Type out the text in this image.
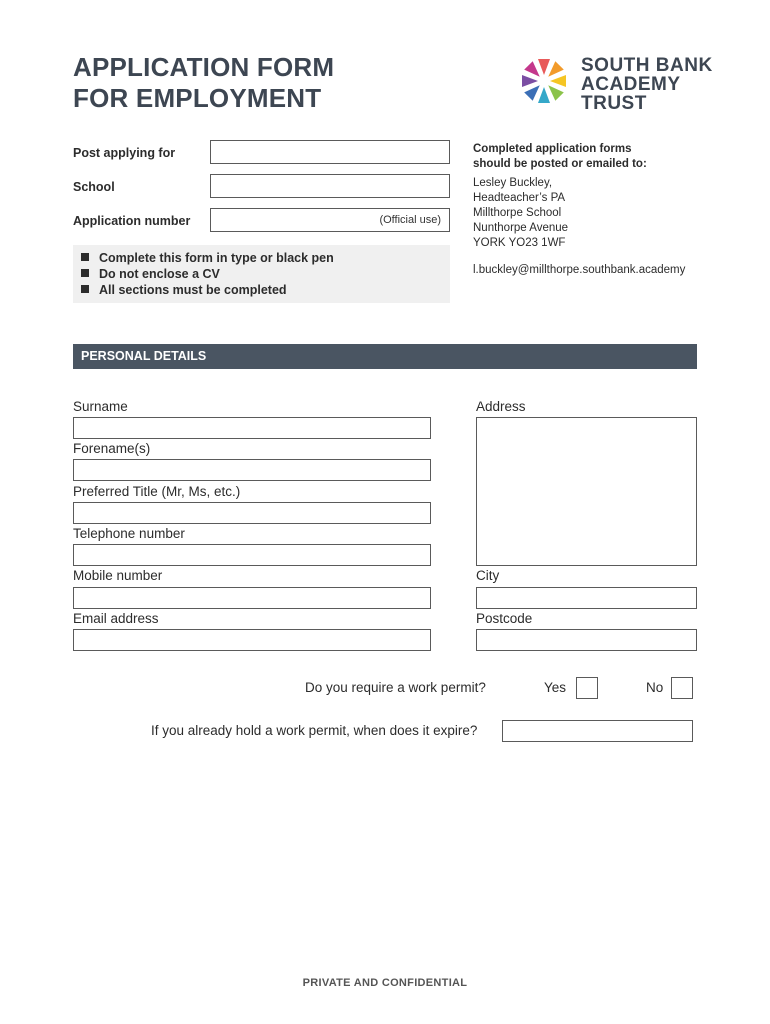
APPLICATION FORM
FOR EMPLOYMENT
SOUTH BANK
ACADEMY
TRUST
Post applying for
School
Application number	(Official use)
Complete this form in type or black pen
Do not enclose a CV
All sections must be completed
Completed application forms
should be posted or emailed to:
Lesley Buckley,
Headteacher’s PA
Millthorpe School
Nunthorpe Avenue
YORK YO23 1WF
l.buckley@millthorpe.southbank.academy
PERSONAL DETAILS
Surname
Forename(s)
Preferred Title (Mr, Ms, etc.)
Telephone number
Mobile number
Email address
Address
City
Postcode
Do you require a work permit?	Yes	No
If you already hold a work permit, when does it expire?
PRIVATE AND CONFIDENTIAL
